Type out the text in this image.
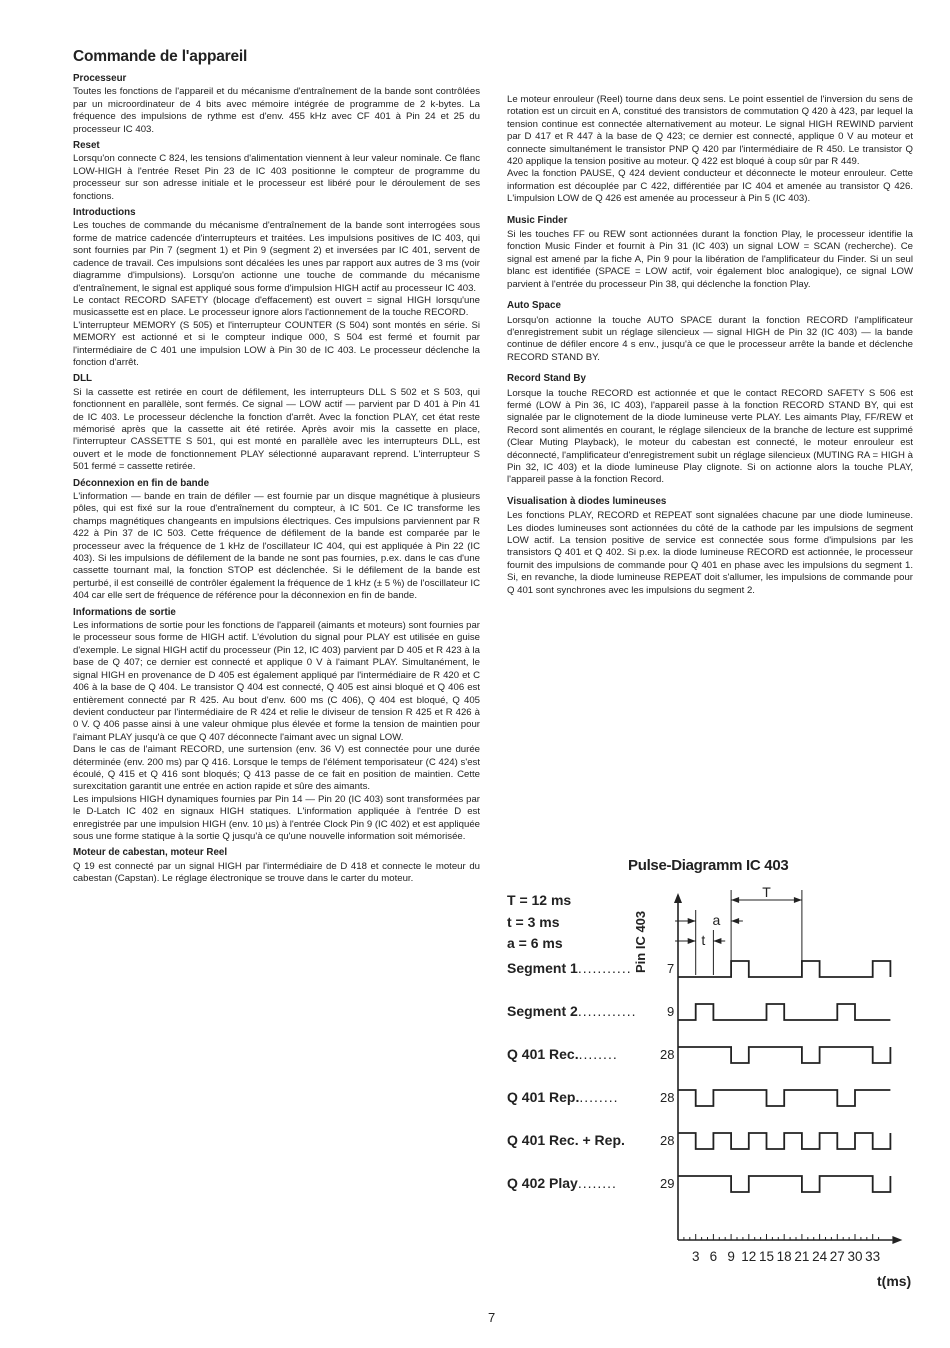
Commande de l'appareil
Processeur

Toutes les fonctions de l'appareil et du mécanisme d'entraînement de la bande sont contrôlées par un microordinateur de 4 bits avec mémoire intégrée de programme de 2 k-bytes. La fréquence des impulsions de rythme est d'env. 455 kHz avec CF 401 à Pin 24 et 25 du processeur IC 403.

Reset

Lorsqu'on connecte C 824, les tensions d'alimentation viennent à leur valeur nominale. Ce flanc LOW-HIGH à l'entrée Reset Pin 23 de IC 403 positionne le compteur de programme du processeur sur son adresse initiale et le processeur est libéré pour le déroulement de ses fonctions.

Introductions

Les touches de commande du mécanisme d'entraînement de la bande sont interrogées sous forme de matrice cadencée d'interrupteurs et traitées. Les impulsions positives de IC 403, qui sont fournies par Pin 7 (segment 1) et Pin 9 (segment 2) et inversées par IC 401, servent de cadence de travail. Ces impulsions sont décalées les unes par rapport aux autres de 3 ms (voir diagramme d'impulsions). Lorsqu'on actionne une touche de commande du mécanisme d'entraînement, le signal est appliqué sous forme d'impulsion HIGH actif au processeur IC 403.

Le contact RECORD SAFETY (blocage d'effacement) est ouvert = signal HIGH lorsqu'une musicassette est en place. Le processeur ignore alors l'actionnement de la touche RECORD.

L'interrupteur MEMORY (S 505) et l'interrupteur COUNTER (S 504) sont montés en série. Si MEMORY est actionné et si le compteur indique 000, S 504 est fermé et fournit par l'intermédiaire de C 401 une impulsion LOW à Pin 30 de IC 403. Le processeur déclenche la fonction d'arrêt.

DLL

Si la cassette est retirée en court de défilement, les interrupteurs DLL S 502 et S 503, qui fonctionnent en parallèle, sont fermés. Ce signal — LOW actif — parvient par D 401 à Pin 41 de IC 403. Le processeur déclenche la fonction d'arrêt. Avec la fonction PLAY, cet état reste mémorisé après que la cassette ait été retirée. Après avoir mis la cassette en place, l'interrupteur CASSETTE S 501, qui est monté en parallèle avec les interrupteurs DLL, est ouvert et le mode de fonctionnement PLAY sélectionné auparavant reprend. L'interrupteur S 501 fermé = cassette retirée.

Déconnexion en fin de bande

L'information — bande en train de défiler — est fournie par un disque magnétique à plusieurs pôles, qui est fixé sur la roue d'entraînement du compteur, à IC 501. Ce IC transforme les champs magnétiques changeants en impulsions électriques. Ces impulsions parviennent par R 422 à Pin 37 de IC 503. Cette fréquence de défilement de la bande est comparée par le processeur avec la fréquence de 1 kHz de l'oscillateur IC 404, qui est appliquée à Pin 22 (IC 403). Si les impulsions de défilement de la bande ne sont pas fournies, p.ex. dans le cas d'une cassette tournant mal, la fonction STOP est déclenchée. Si le défilement de la bande est perturbé, il est conseillé de contrôler également la fréquence de 1 kHz (± 5 %) de l'oscillateur IC 404 car elle sert de fréquence de référence pour la déconnexion en fin de bande.

Informations de sortie

Les informations de sortie pour les fonctions de l'appareil (aimants et moteurs) sont fournies par le processeur sous forme de HIGH actif. L'évolution du signal pour PLAY est utilisée en guise d'exemple. Le signal HIGH actif du processeur (Pin 12, IC 403) parvient par D 405 et R 423 à la base de Q 407; ce dernier est connecté et applique 0 V à l'aimant PLAY. Simultanément, le signal HIGH en provenance de D 405 est également appliqué par l'intermédiaire de R 420 et C 406 à la base de Q 404. Le transistor Q 404 est connecté, Q 405 est ainsi bloqué et Q 406 est entièrement connecté par R 425. Au bout d'env. 600 ms (C 406), Q 404 est bloqué, Q 405 devient conducteur par l'intermédiaire de R 424 et relie le diviseur de tension R 425 et R 426 à 0 V. Q 406 passe ainsi à une valeur ohmique plus élevée et forme la tension de maintien pour l'aimant PLAY jusqu'à ce que Q 407 déconnecte l'aimant avec un signal LOW.

Dans le cas de l'aimant RECORD, une surtension (env. 36 V) est connectée pour une durée déterminée (env. 200 ms) par Q 416. Lorsque le temps de l'élément temporisateur (C 424) s'est écoulé, Q 415 et Q 416 sont bloqués; Q 413 passe de ce fait en position de maintien. Cette surexcitation garantit une entrée en action rapide et sûre des aimants.

Les impulsions HIGH dynamiques fournies par Pin 14 — Pin 20 (IC 403) sont transformées par le D-Latch IC 402 en signaux HIGH statiques. L'information appliquée à l'entrée D est enregistrée par une impulsion HIGH (env. 10 µs) à l'entrée Clock Pin 9 (IC 402) et est appliquée sous une forme statique à la sortie Q jusqu'à ce qu'une nouvelle information soit mémorisée.

Moteur de cabestan, moteur Reel

Q 19 est connecté par un signal HIGH par l'intermédiaire de D 418 et connecte le moteur du cabestan (Capstan). Le réglage électronique se trouve dans le carter du moteur.

Le moteur enrouleur (Reel) tourne dans deux sens. Le point essentiel de l'inversion du sens de rotation est un circuit en A, constitué des transistors de commutation Q 420 à 423, par lequel la tension continue est connectée alternativement au moteur. Le signal HIGH REWIND parvient par D 417 et R 447 à la base de Q 423; ce dernier est connecté, applique 0 V au moteur et connecte simultanément le transistor PNP Q 420 par l'intermédiaire de R 450. Le transistor Q 420 applique la tension positive au moteur. Q 422 est bloqué à coup sûr par R 449.

Avec la fonction PAUSE, Q 424 devient conducteur et déconnecte le moteur enrouleur. Cette information est découplée par C 422, différentiée par IC 404 et amenée au transistor Q 426. L'impulsion LOW de Q 426 est amenée au processeur à Pin 5 (IC 403).

Music Finder

Si les touches FF ou REW sont actionnées durant la fonction Play, le processeur identifie la fonction Music Finder et fournit à Pin 31 (IC 403) un signal LOW = SCAN (recherche). Ce signal est amené par la fiche A, Pin 9 pour la libération de l'amplificateur du Finder. Si un seul blanc est identifiée (SPACE = LOW actif, voir également bloc analogique), ce signal LOW parvient à l'entrée du processeur Pin 38, qui déclenche la fonction Play.

Auto Space

Lorsqu'on actionne la touche AUTO SPACE durant la fonction RECORD l'amplificateur d'enregistrement subit un réglage silencieux — signal HIGH de Pin 32 (IC 403) — la bande continue de défiler encore 4 s env., jusqu'à ce que le processeur arrête la bande et déclenche RECORD STAND BY.

Record Stand By

Lorsque la touche RECORD est actionnée et que le contact RECORD SAFETY S 506 est fermé (LOW à Pin 36, IC 403), l'appareil passe à la fonction RECORD STAND BY, qui est signalée par le clignotement de la diode lumineuse verte PLAY. Les aimants Play, FF/REW et Record sont alimentés en courant, le réglage silencieux de la branche de lecture est supprimé (Clear Muting Playback), le moteur du cabestan est connecté, le moteur enrouleur est déconnecté, l'amplificateur d'enregistrement subit un réglage silencieux (MUTING RA = HIGH à Pin 32, IC 403) et la diode lumineuse Play clignote. Si on actionne alors la touche PLAY, l'appareil passe à la fonction Record.

Visualisation à diodes lumineuses

Les fonctions PLAY, RECORD et REPEAT sont signalées chacune par une diode lumineuse. Les diodes lumineuses sont actionnées du côté de la cathode par les impulsions de segment LOW actif. La tension positive de service est connectée sous forme d'impulsions par les transistors Q 401 et Q 402. Si p.ex. la diode lumineuse RECORD est actionnée, le processeur fournit des impulsions de commande pour Q 401 en phase avec les impulsions du segment 1. Si, en revanche, la diode lumineuse REPEAT doit s'allumer, les impulsions de commande pour Q 401 sont synchrones avec les impulsions du segment 2.

Pulse-Diagramm IC 403
T = 12 ms
t = 3 ms
a = 6 ms	Pin IC 403
3 6 9 12 15 18 21 24 27 30 33
T
a
t
Segment 1...........	7
Segment 2............ 9
Q 401 Rec.........	28
Q 401 Rep.........	28
Q 401 Rec. + Rep.	28
Q 402 Play........	29
t(ms)
7
